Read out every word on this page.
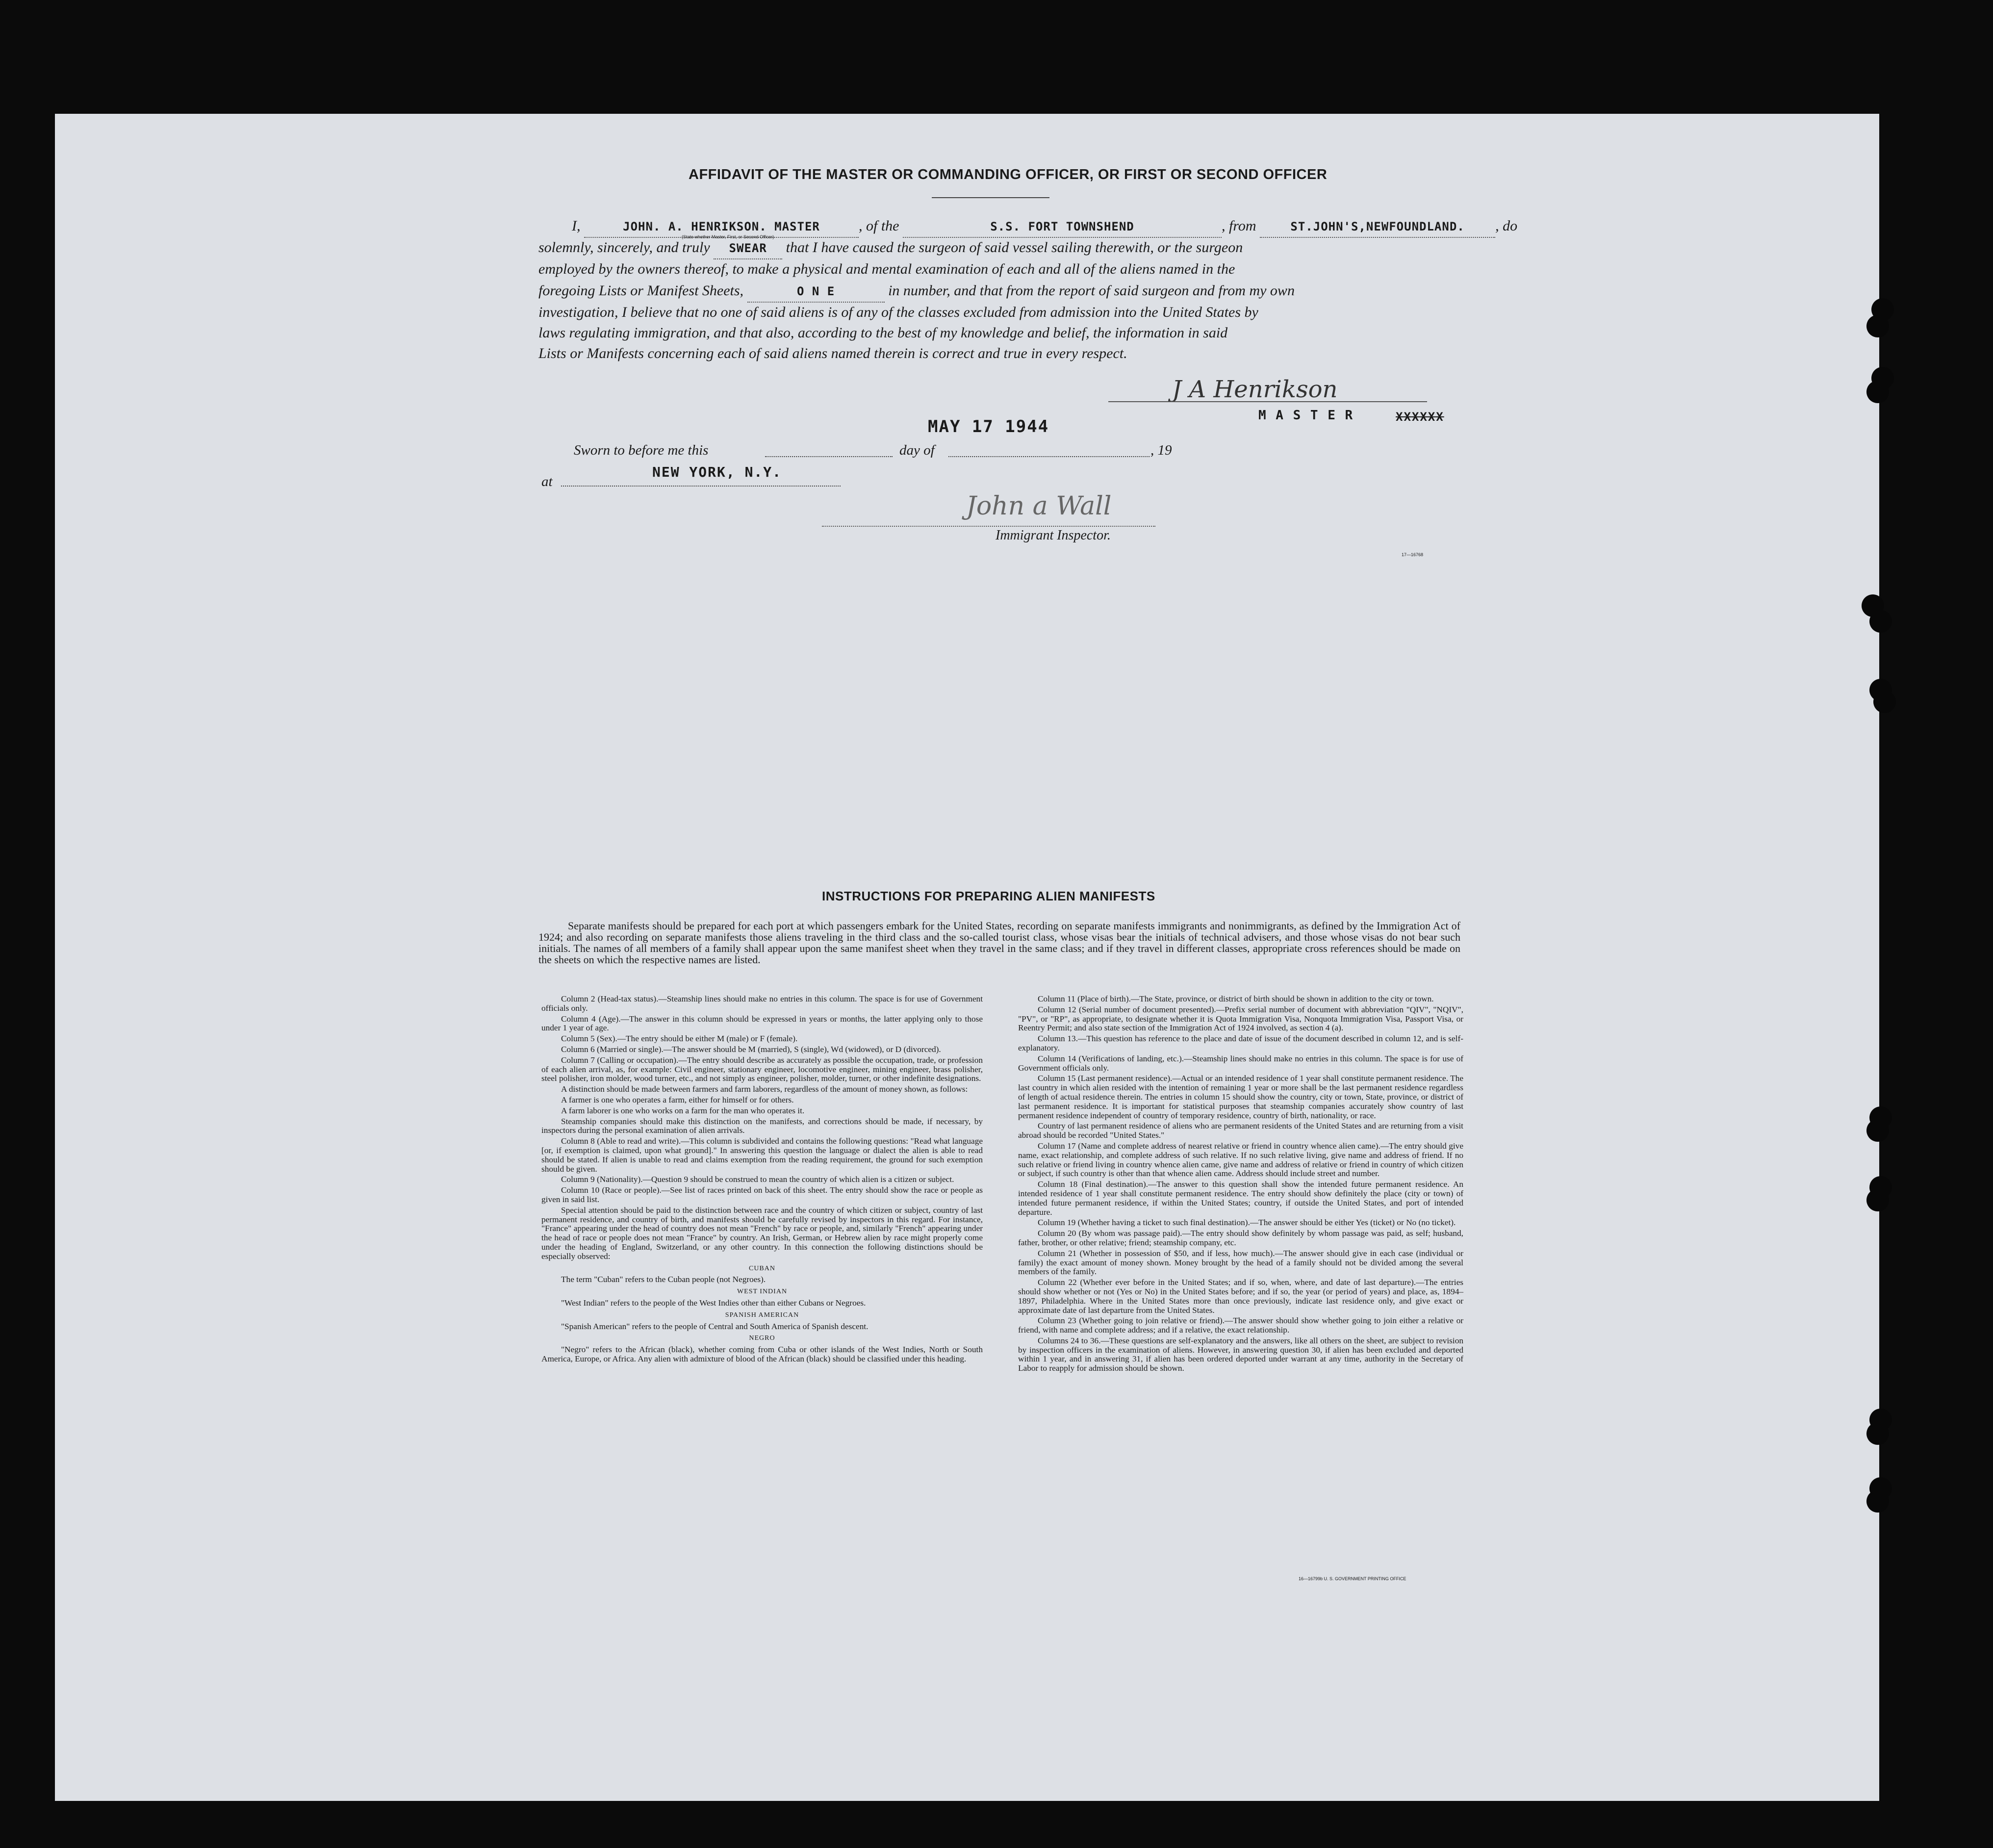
AFFIDAVIT OF THE MASTER OR COMMANDING OFFICER, OR FIRST OR SECOND OFFICER
I,	JOHN. A. HENRIKSON. MASTER	, of the	S.S. FORT TOWNSHEND	, from	ST.JOHN'S,NEWFOUNDLAND. , do
(State whether Master, First, or Second Officer)
solemnly, sincerely, and truly SWEAR that I have caused the surgeon of said vessel sailing therewith, or the surgeon
employed by the owners thereof, to make a physical and mental examination of each and all of the aliens named in the
foregoing Lists or Manifest Sheets,	O N E	in number, and that from the report of said surgeon and from my own
investigation, I believe that no one of said aliens is of any of the classes excluded from admission into the United States by
laws regulating immigration, and that also, according to the best of my knowledge and belief, the information in said
Lists or Manifests concerning each of said aliens named therein is correct and true in every respect.
J A Henrikson
M A S T E R	XXXXXX
MAY 17 1944
Sworn to before me this	day of	, 19
at
NEW YORK, N.Y.
John a Wall
Immigrant Inspector.
17—16768
INSTRUCTIONS FOR PREPARING ALIEN MANIFESTS
Separate manifests should be prepared for each port at which passengers embark for the United States, recording on separate manifests immigrants and nonimmigrants, as defined by the Immigration Act of 1924; and also recording on separate manifests those aliens traveling in the third class and the so-called tourist class, whose visas bear the initials of technical advisers, and those whose visas do not bear such initials. The names of all members of a family shall appear upon the same manifest sheet when they travel in the same class; and if they travel in different classes, appropriate cross references should be made on the sheets on which the respective names are listed.

Column 2 (Head-tax status).—Steamship lines should make no entries in this column. The space is for use of Government officials only.

Column 4 (Age).—The answer in this column should be expressed in years or months, the latter applying only to those under 1 year of age.

Column 5 (Sex).—The entry should be either M (male) or F (female).

Column 6 (Married or single).—The answer should be M (married), S (single), Wd (widowed), or D (divorced).

Column 7 (Calling or occupation).—The entry should describe as accurately as possible the occupation, trade, or profession of each alien arrival, as, for example: Civil engineer, stationary engineer, locomotive engineer, mining engineer, brass polisher, steel polisher, iron molder, wood turner, etc., and not simply as engineer, polisher, molder, turner, or other indefinite designations.

A distinction should be made between farmers and farm laborers, regardless of the amount of money shown, as follows:

A farmer is one who operates a farm, either for himself or for others.

A farm laborer is one who works on a farm for the man who operates it.

Steamship companies should make this distinction on the manifests, and corrections should be made, if necessary, by inspectors during the personal examination of alien arrivals.

Column 8 (Able to read and write).—This column is subdivided and contains the following questions: "Read what language [or, if exemption is claimed, upon what ground]." In answering this question the language or dialect the alien is able to read should be stated. If alien is unable to read and claims exemption from the reading requirement, the ground for such exemption should be given.

Column 9 (Nationality).—Question 9 should be construed to mean the country of which alien is a citizen or subject.

Column 10 (Race or people).—See list of races printed on back of this sheet. The entry should show the race or people as given in said list.

Special attention should be paid to the distinction between race and the country of which citizen or subject, country of last permanent residence, and country of birth, and manifests should be carefully revised by inspectors in this regard. For instance, "France" appearing under the head of country does not mean "French" by race or people, and, similarly "French" appearing under the head of race or people does not mean "France" by country. An Irish, German, or Hebrew alien by race might properly come under the heading of England, Switzerland, or any other country. In this connection the following distinctions should be especially observed:

CUBAN

The term "Cuban" refers to the Cuban people (not Negroes).

WEST INDIAN

"West Indian" refers to the people of the West Indies other than either Cubans or Negroes.

SPANISH AMERICAN

"Spanish American" refers to the people of Central and South America of Spanish descent.

NEGRO

"Negro" refers to the African (black), whether coming from Cuba or other islands of the West Indies, North or South America, Europe, or Africa. Any alien with admixture of blood of the African (black) should be classified under this heading.

Column 11 (Place of birth).—The State, province, or district of birth should be shown in addition to the city or town.

Column 12 (Serial number of document presented).—Prefix serial number of document with abbreviation "QIV", "NQIV", "PV", or "RP", as appropriate, to designate whether it is Quota Immigration Visa, Nonquota Immigration Visa, Passport Visa, or Reentry Permit; and also state section of the Immigration Act of 1924 involved, as section 4 (a).

Column 13.—This question has reference to the place and date of issue of the document described in column 12, and is self-explanatory.

Column 14 (Verifications of landing, etc.).—Steamship lines should make no entries in this column. The space is for use of Government officials only.

Column 15 (Last permanent residence).—Actual or an intended residence of 1 year shall constitute permanent residence. The last country in which alien resided with the intention of remaining 1 year or more shall be the last permanent residence regardless of length of actual residence therein. The entries in column 15 should show the country, city or town, State, province, or district of last permanent residence. It is important for statistical purposes that steamship companies accurately show country of last permanent residence independent of country of temporary residence, country of birth, nationality, or race.

Country of last permanent residence of aliens who are permanent residents of the United States and are returning from a visit abroad should be recorded "United States."

Column 17 (Name and complete address of nearest relative or friend in country whence alien came).—The entry should give name, exact relationship, and complete address of such relative. If no such relative living, give name and address of friend. If no such relative or friend living in country whence alien came, give name and address of relative or friend in country of which citizen or subject, if such country is other than that whence alien came. Address should include street and number.

Column 18 (Final destination).—The answer to this question shall show the intended future permanent residence. An intended residence of 1 year shall constitute permanent residence. The entry should show definitely the place (city or town) of intended future permanent residence, if within the United States; country, if outside the United States, and port of intended departure.

Column 19 (Whether having a ticket to such final destination).—The answer should be either Yes (ticket) or No (no ticket).

Column 20 (By whom was passage paid).—The entry should show definitely by whom passage was paid, as self; husband, father, brother, or other relative; friend; steamship company, etc.

Column 21 (Whether in possession of $50, and if less, how much).—The answer should give in each case (individual or family) the exact amount of money shown. Money brought by the head of a family should not be divided among the several members of the family.

Column 22 (Whether ever before in the United States; and if so, when, where, and date of last departure).—The entries should show whether or not (Yes or No) in the United States before; and if so, the year (or period of years) and place, as, 1894–1897, Philadelphia. Where in the United States more than once previously, indicate last residence only, and give exact or approximate date of last departure from the United States.

Column 23 (Whether going to join relative or friend).—The answer should show whether going to join either a relative or friend, with name and complete address; and if a relative, the exact relationship.

Columns 24 to 36.—These questions are self-explanatory and the answers, like all others on the sheet, are subject to revision by inspection officers in the examination of aliens. However, in answering question 30, if alien has been excluded and deported within 1 year, and in answering 31, if alien has been ordered deported under warrant at any time, authority in the Secretary of Labor to reapply for admission should be shown.

16—16799b U. S. GOVERNMENT PRINTING OFFICE
